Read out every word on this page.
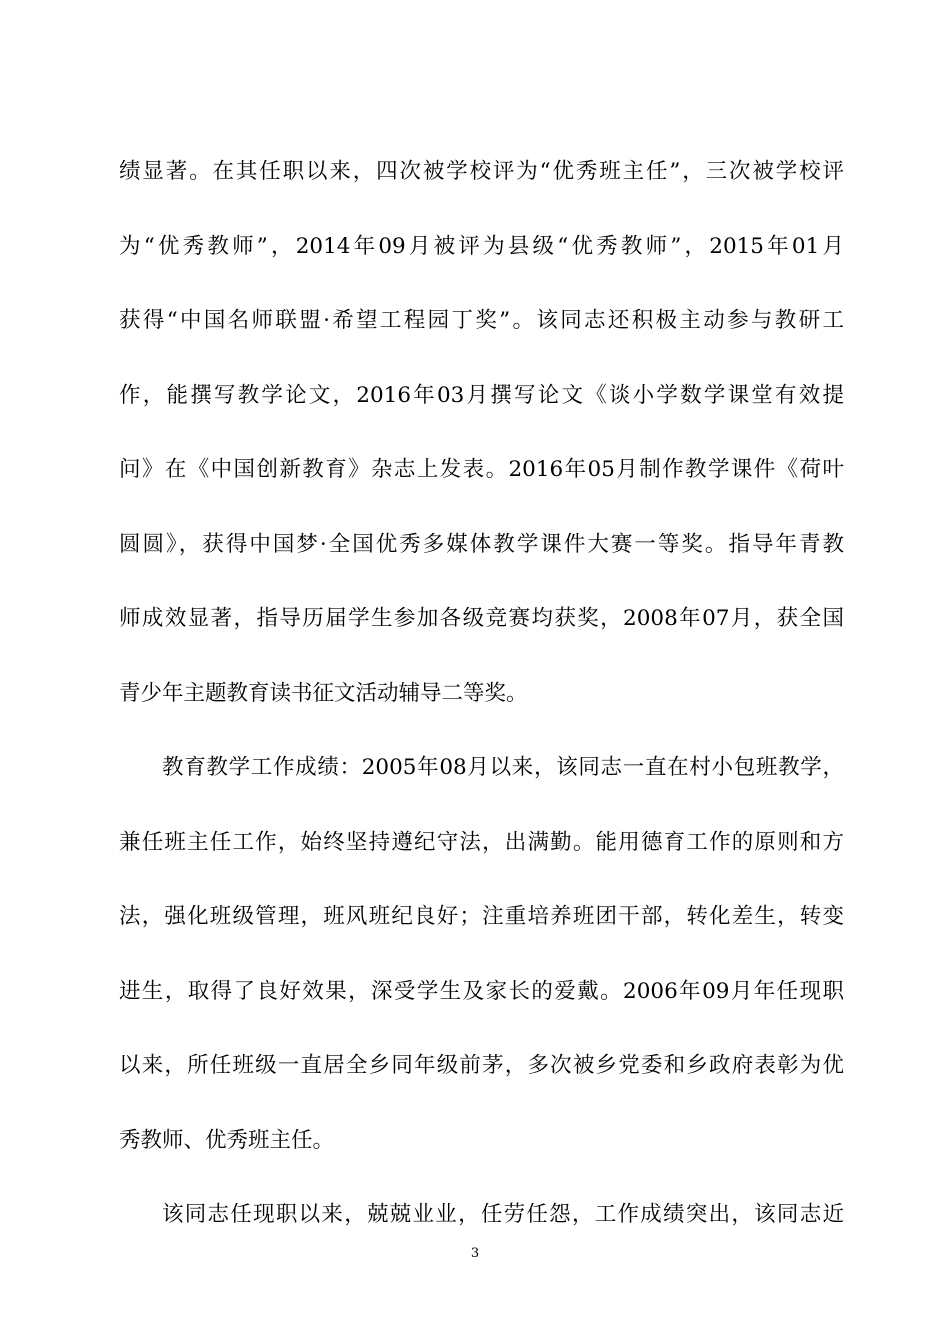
绩显著。在其任职以来，四次被学校评为“优秀班主任”，三次被学校评
为“优秀教师”，2014年09月被评为县级“优秀教师”，2015年01月
获得“中国名师联盟·希望工程园丁奖”。该同志还积极主动参与教研工
作，能撰写教学论文，2016年03月撰写论文《谈小学数学课堂有效提
问》在《中国创新教育》杂志上发表。2016年05月制作教学课件《荷叶
圆圆》，获得中国梦·全国优秀多媒体教学课件大赛一等奖。指导年青教
师成效显著，指导历届学生参加各级竞赛均获奖，2008年07月，获全国
青少年主题教育读书征文活动辅导二等奖。
教育教学工作成绩：2005年08月以来，该同志一直在村小包班教学，
兼任班主任工作，始终坚持遵纪守法，出满勤。能用德育工作的原则和方
法，强化班级管理，班风班纪良好；注重培养班团干部，转化差生，转变
进生，取得了良好效果，深受学生及家长的爱戴。2006年09月年任现职
以来，所任班级一直居全乡同年级前茅，多次被乡党委和乡政府表彰为优
秀教师、优秀班主任。
该同志任现职以来，兢兢业业，任劳任怨，工作成绩突出，该同志近
3
